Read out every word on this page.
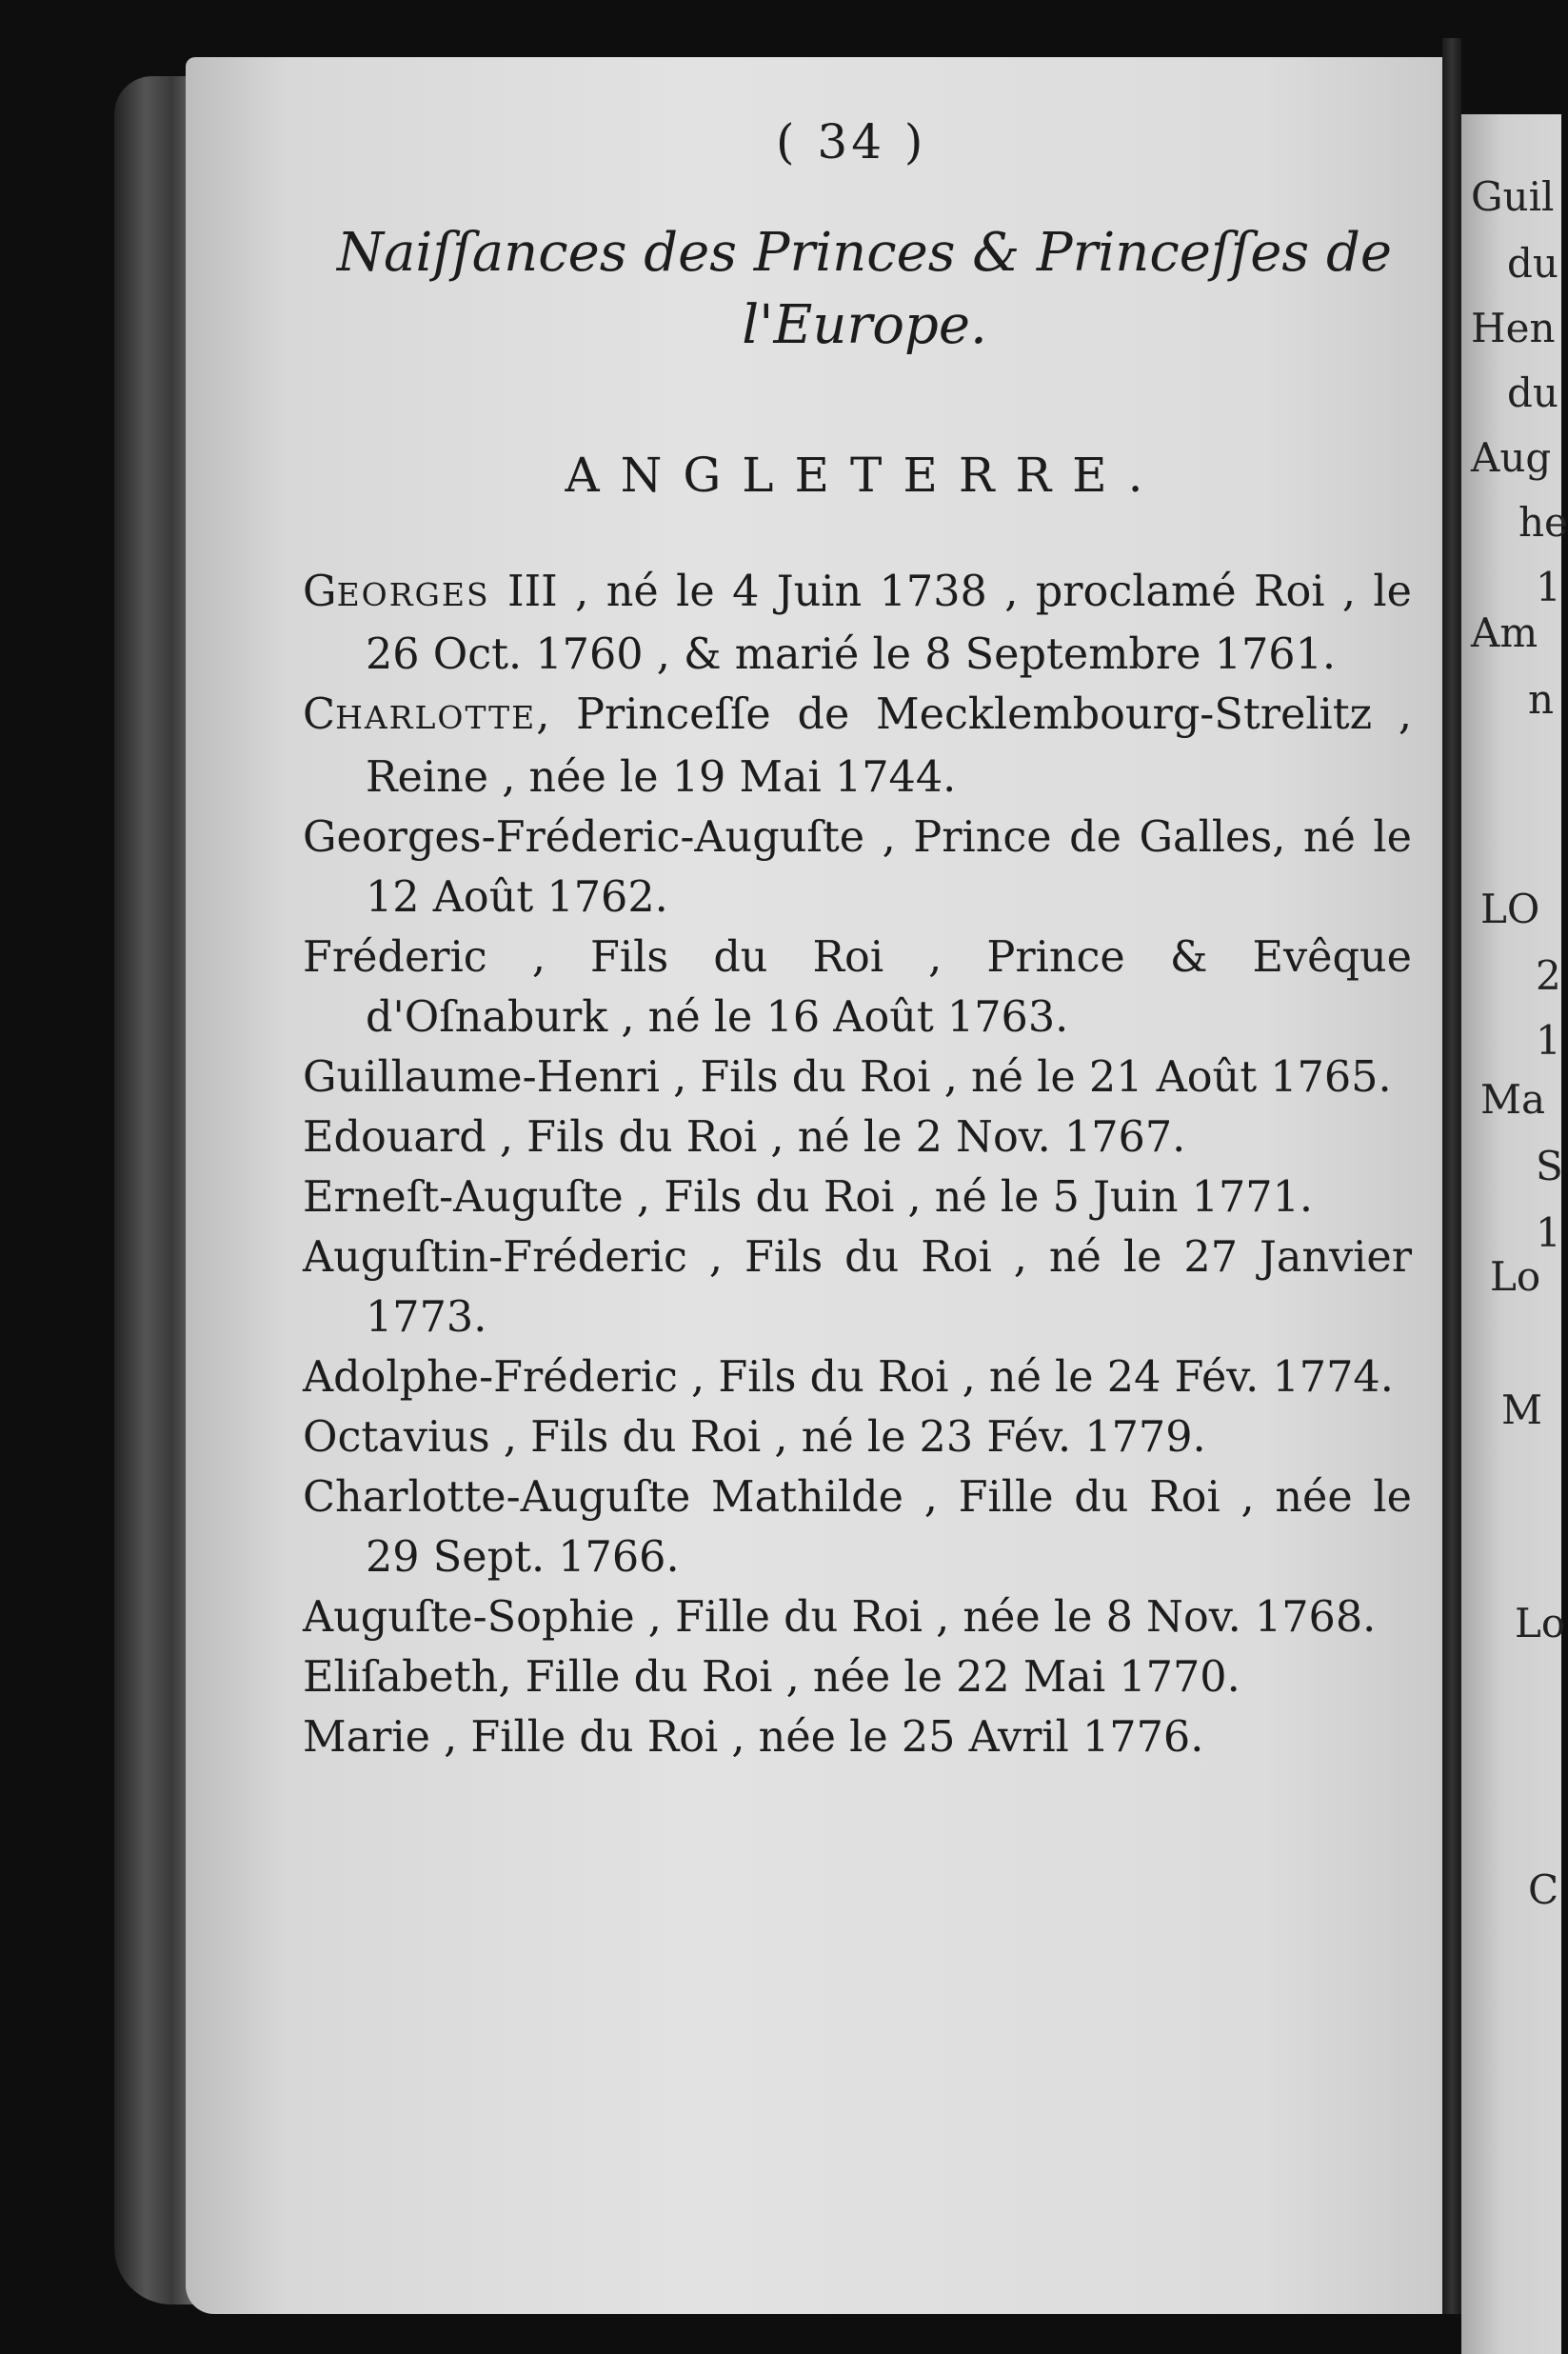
Guil
du
Hen
du
Aug
he
1
Am
n
LO
2
1
Ma
S
1
Lo
M
Lo
C
( 34 )
Naiſſances des Princes & Princeſſes de l'Europe.
ANGLETERRE.

GEORGES III , né le 4 Juin 1738 , proclamé Roi , le 26 Oct. 1760 , & marié le 8 Septembre 1761.

CHARLOTTE, Princeſſe de Mecklembourg-Strelitz , Reine , née le 19 Mai 1744.

Georges-Fréderic-Auguſte , Prince de Galles, né le 12 Août 1762.

Fréderic , Fils du Roi , Prince & Evêque d'Oſnaburk , né le 16 Août 1763.

Guillaume-Henri , Fils du Roi , né le 21 Août 1765.

Edouard , Fils du Roi , né le 2 Nov. 1767.

Erneſt-Auguſte , Fils du Roi , né le 5 Juin 1771.

Auguſtin-Fréderic , Fils du Roi , né le 27 Janvier 1773.

Adolphe-Fréderic , Fils du Roi , né le 24 Fév. 1774.

Octavius , Fils du Roi , né le 23 Fév. 1779.

Charlotte-Auguſte Mathilde , Fille du Roi , née le 29 Sept. 1766.

Auguſte-Sophie , Fille du Roi , née le 8 Nov. 1768.

Eliſabeth, Fille du Roi , née le 22 Mai 1770.

Marie , Fille du Roi , née le 25 Avril 1776.
